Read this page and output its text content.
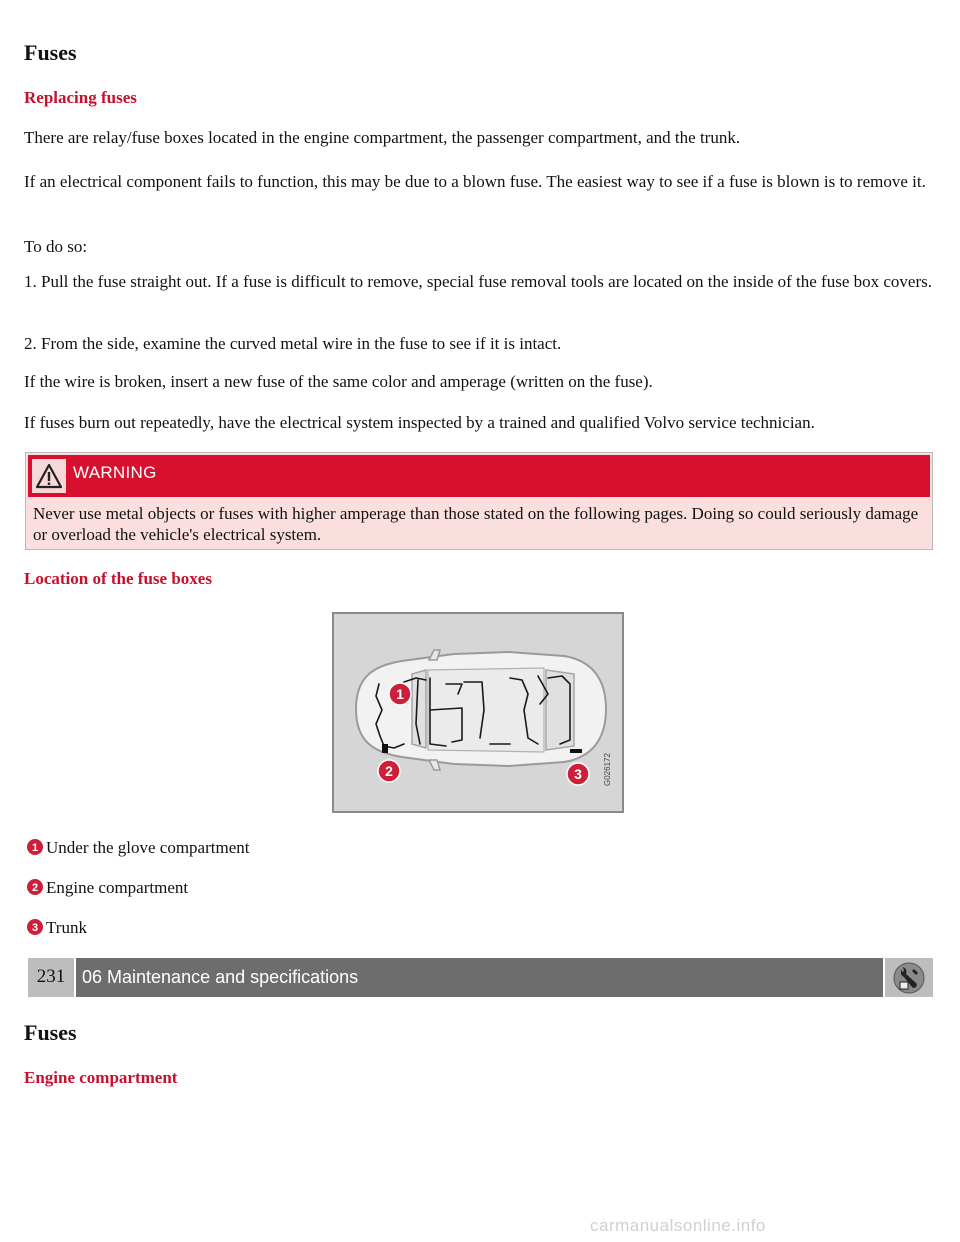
Fuses
Replacing fuses

There are relay/fuse boxes located in the engine compartment, the passenger compartment, and the trunk.

If an electrical component fails to function, this may be due to a blown fuse. The easiest way to see if a fuse is blown is to remove it.

To do so:

1. Pull the fuse straight out. If a fuse is difficult to remove, special fuse removal tools are located on the inside of the fuse box covers.

2. From the side, examine the curved metal wire in the fuse to see if it is intact.

If the wire is broken, insert a new fuse of the same color and amperage (written on the fuse).

If fuses burn out repeatedly, have the electrical system inspected by a trained and qualified Volvo service technician.

WARNING
Never use metal objects or fuses with higher amperage than those stated on the following pages. Doing so could seriously damage or overload the vehicle's electrical system.
Location of the fuse boxes
1
2	3	G026172
1 Under the glove compartment
2 Engine compartment
3 Trunk
231 06 Maintenance and specifications
Fuses
Engine compartment
carmanualsonline.info
